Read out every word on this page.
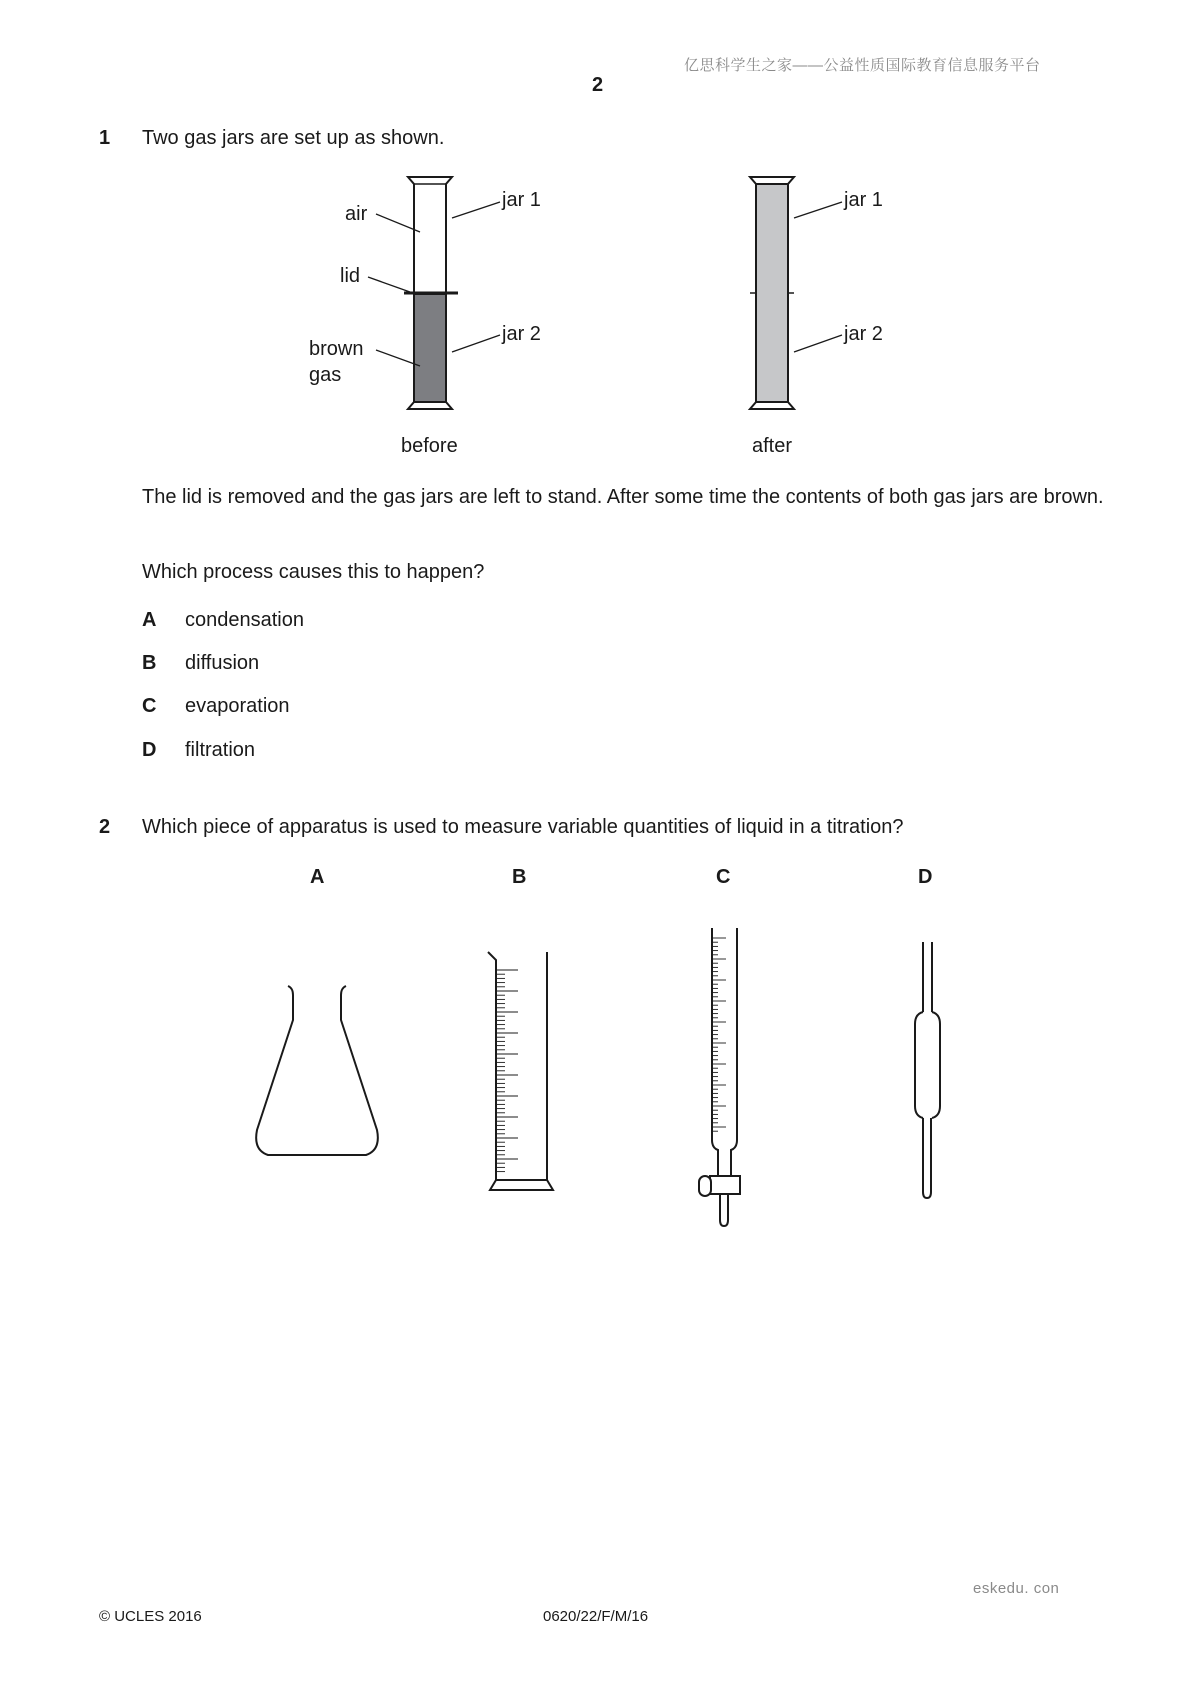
亿思科学生之家——公益性质国际教育信息服务平台
2
1 Two gas jars are set up as shown.
air
lid
brown
gas
jar 1
jar 2
jar 1
jar 2
before	after
The lid is removed and the gas jars are left to stand. After some time the contents of both gas jars are brown.
Which process causes this to happen?
A condensation
B diffusion
C evaporation
D filtration
2 Which piece of apparatus is used to measure variable quantities of liquid in a titration?
A	B	C	D
eskedu. con
© UCLES 2016	0620/22/F/M/16
